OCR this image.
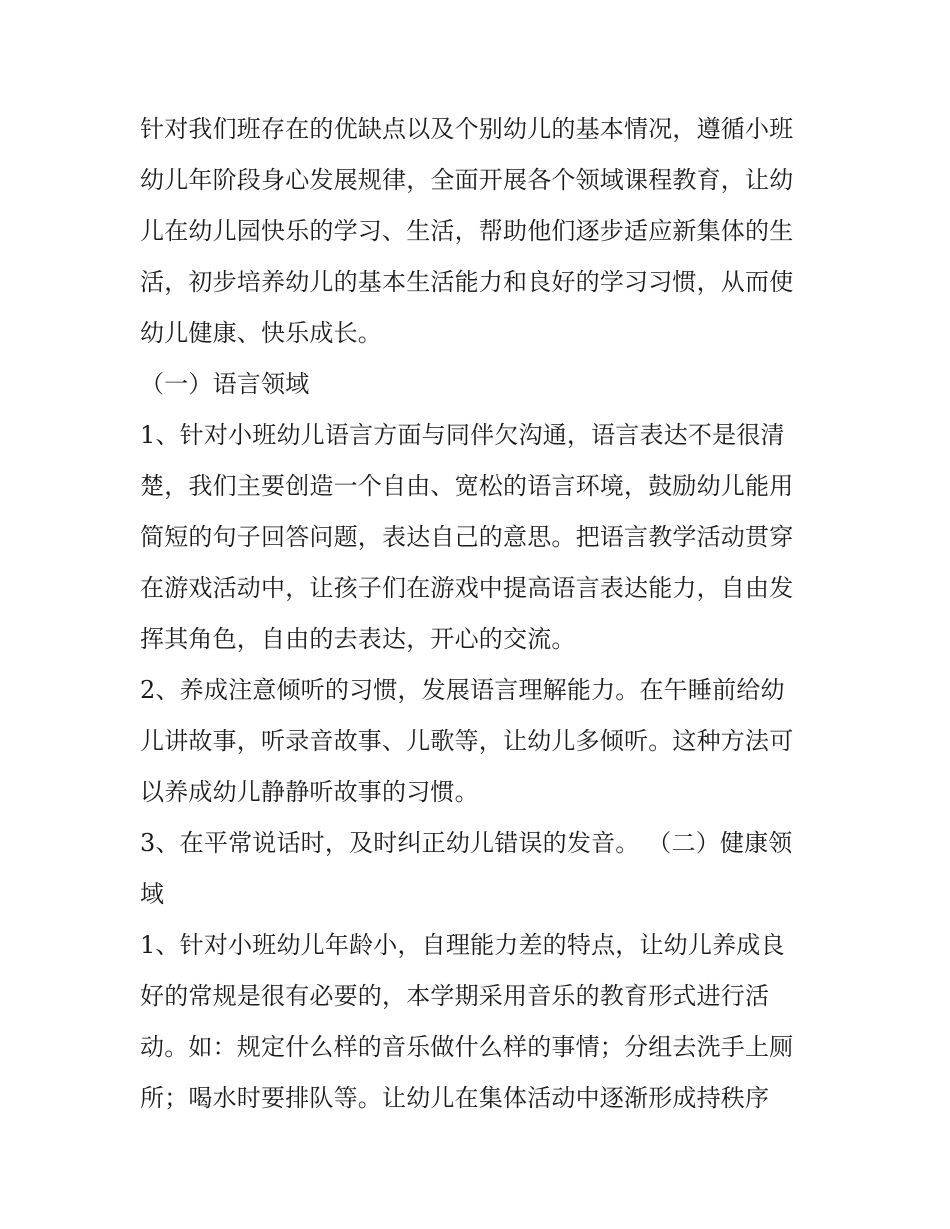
针对我们班存在的优缺点以及个别幼儿的基本情况，遵循小班
幼儿年阶段身心发展规律，全面开展各个领域课程教育，让幼
儿在幼儿园快乐的学习、生活，帮助他们逐步适应新集体的生
活，初步培养幼儿的基本生活能力和良好的学习习惯，从而使
幼儿健康、快乐成长。
（一）语言领域
1、针对小班幼儿语言方面与同伴欠沟通，语言表达不是很清
楚，我们主要创造一个自由、宽松的语言环境，鼓励幼儿能用
简短的句子回答问题，表达自己的意思。把语言教学活动贯穿
在游戏活动中，让孩子们在游戏中提高语言表达能力，自由发
挥其角色，自由的去表达，开心的交流。
2、养成注意倾听的习惯，发展语言理解能力。在午睡前给幼
儿讲故事，听录音故事、儿歌等，让幼儿多倾听。这种方法可
以养成幼儿静静听故事的习惯。
3、在平常说话时，及时纠正幼儿错误的发音。 （二）健康领
域
1、针对小班幼儿年龄小，自理能力差的特点，让幼儿养成良
好的常规是很有必要的，本学期采用音乐的教育形式进行活
动。如：规定什么样的音乐做什么样的事情；分组去洗手上厕
所；喝水时要排队等。让幼儿在集体活动中逐渐形成持秩序
